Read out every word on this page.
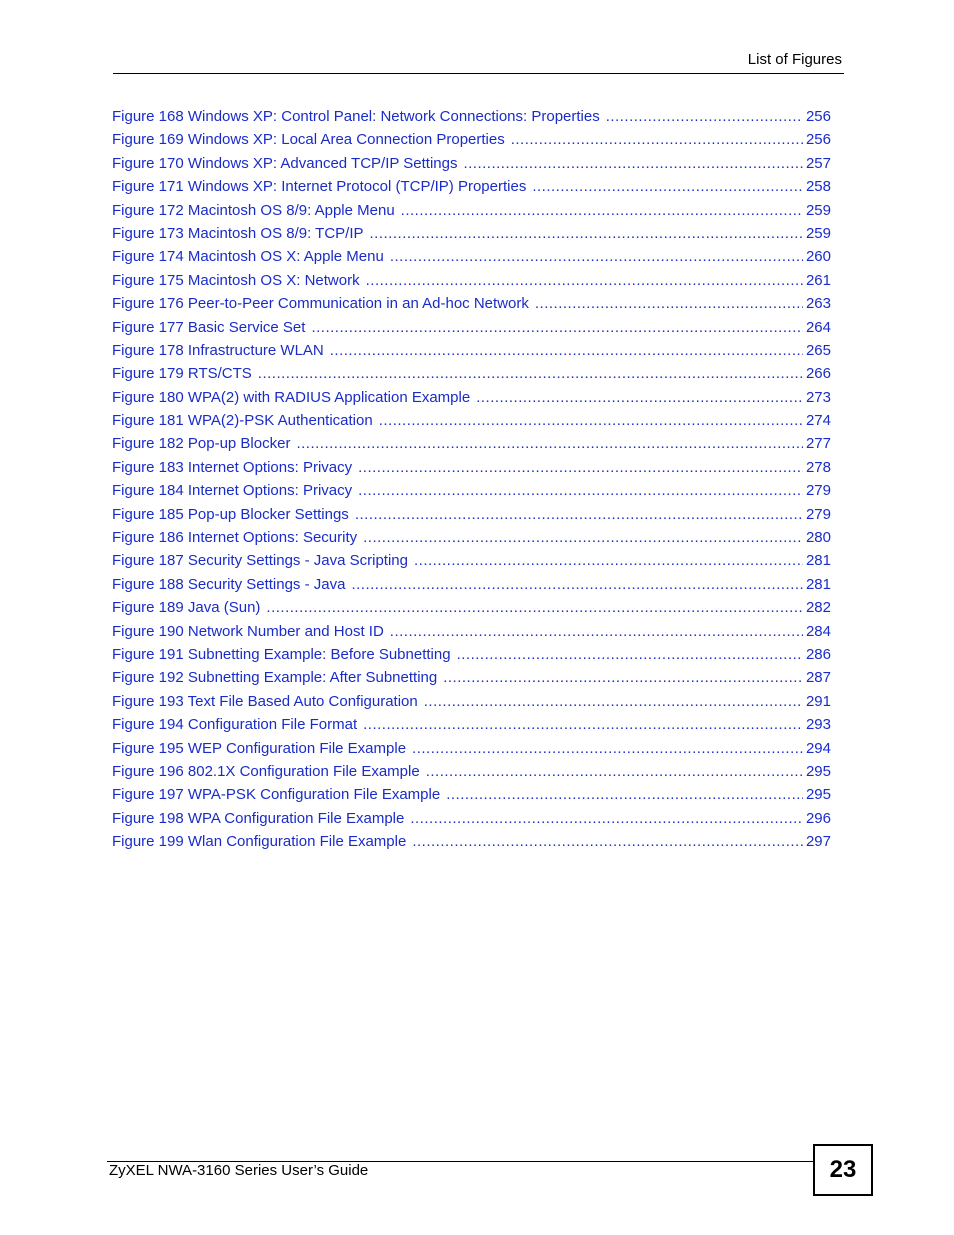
List of Figures
Figure 168 Windows XP: Control Panel: Network Connections: Properties .....	256
Figure 169 Windows XP: Local Area Connection Properties .....	256
Figure 170 Windows XP: Advanced TCP/IP Settings .....	257
Figure 171 Windows XP: Internet Protocol (TCP/IP) Properties .....	258
Figure 172 Macintosh OS 8/9: Apple Menu .....	259
Figure 173 Macintosh OS 8/9: TCP/IP .....	259
Figure 174 Macintosh OS X: Apple Menu .....	260
Figure 175 Macintosh OS X: Network .....	261
Figure 176 Peer-to-Peer Communication in an Ad-hoc Network .....	263
Figure 177 Basic Service Set .....	264
Figure 178 Infrastructure WLAN .....	265
Figure 179 RTS/CTS .....	266
Figure 180 WPA(2) with RADIUS Application Example .....	273
Figure 181 WPA(2)-PSK Authentication .....	274
Figure 182 Pop-up Blocker .....	277
Figure 183 Internet Options: Privacy .....	278
Figure 184 Internet Options: Privacy .....	279
Figure 185 Pop-up Blocker Settings .....	279
Figure 186 Internet Options: Security .....	280
Figure 187 Security Settings - Java Scripting .....	281
Figure 188 Security Settings - Java .....	281
Figure 189 Java (Sun) .....	282
Figure 190 Network Number and Host ID .....	284
Figure 191 Subnetting Example: Before Subnetting .....	286
Figure 192 Subnetting Example: After Subnetting .....	287
Figure 193 Text File Based Auto Configuration .....	291
Figure 194 Configuration File Format .....	293
Figure 195 WEP Configuration File Example .....	294
Figure 196 802.1X Configuration File Example .....	295
Figure 197 WPA-PSK Configuration File Example .....	295
Figure 198 WPA Configuration File Example .....	296
Figure 199 Wlan Configuration File Example .....	297
ZyXEL NWA-3160 Series User’s Guide	23
